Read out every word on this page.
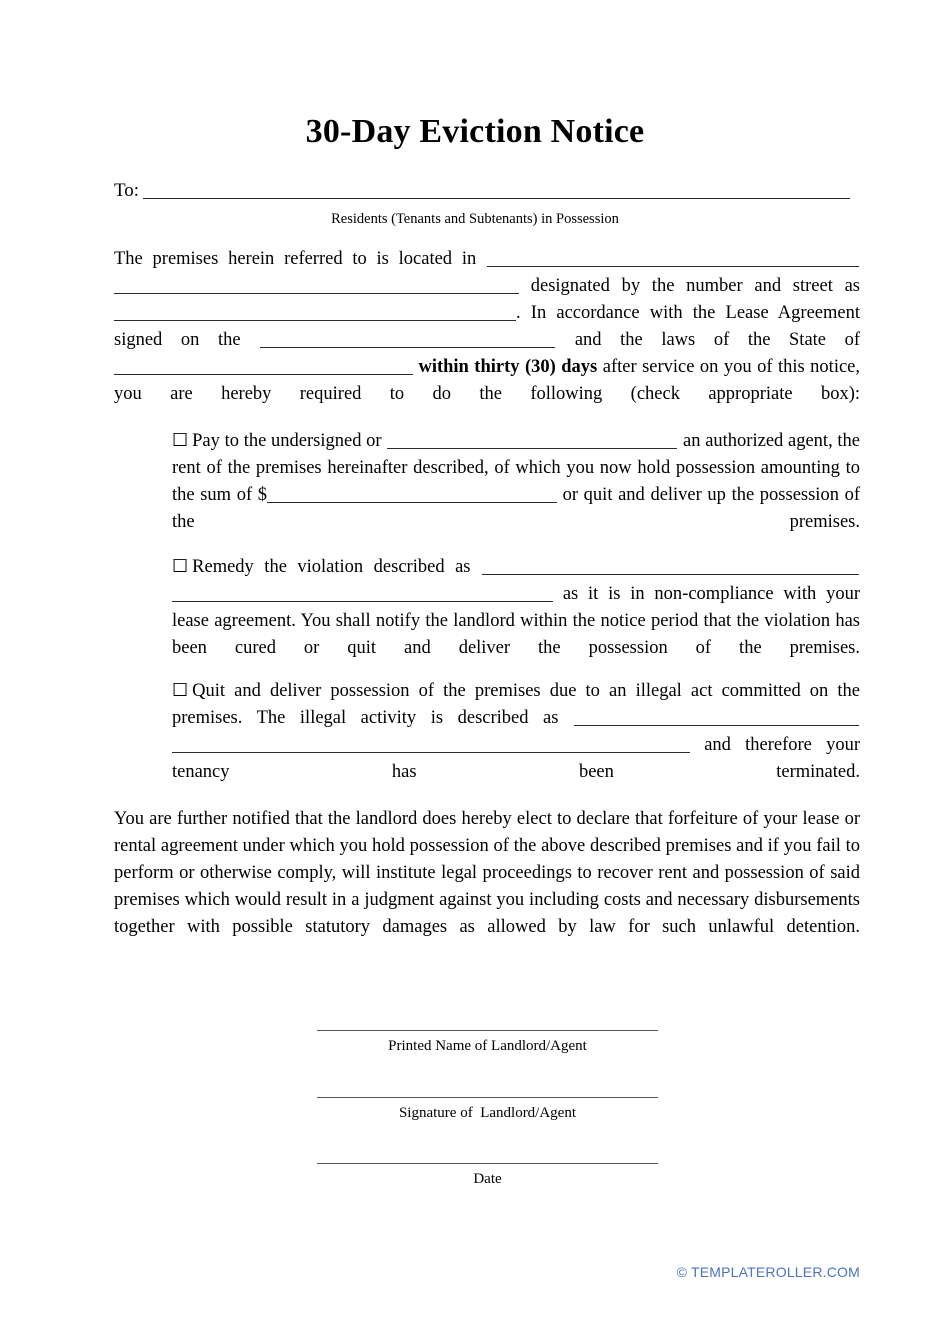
30-Day Eviction Notice
To:
Residents (Tenants and Subtenants) in Possession

The premises herein referred to is located in  designated by the number and street as . In accordance with the Lease Agreement signed on the	and the laws of the State of  within thirty (30) days after service on you of this notice, you are hereby required to do the following (check appropriate box):

☐ Pay to the undersigned or	an authorized agent, the rent of the premises hereinafter described, of which you now hold possession amounting to the sum of $	or quit and deliver up the possession of the premises.

☐ Remedy the violation described as  as it is in non-compliance with your lease agreement. You shall notify the landlord within the notice period that the violation has been cured or quit and deliver the possession of the premises.

☐ Quit and deliver possession of the premises due to an illegal act committed on the premises. The illegal activity is described as  and therefore your tenancy has been terminated.

You are further notified that the landlord does hereby elect to declare that forfeiture of your lease or rental agreement under which you hold possession of the above described premises and if you fail to perform or otherwise comply, will institute legal proceedings to recover rent and possession of said premises which would result in a judgment against you including costs and necessary disbursements together with possible statutory damages as allowed by law for such unlawful detention.

Printed Name of Landlord/Agent
Signature of  Landlord/Agent
Date
© TEMPLATEROLLER.COM
